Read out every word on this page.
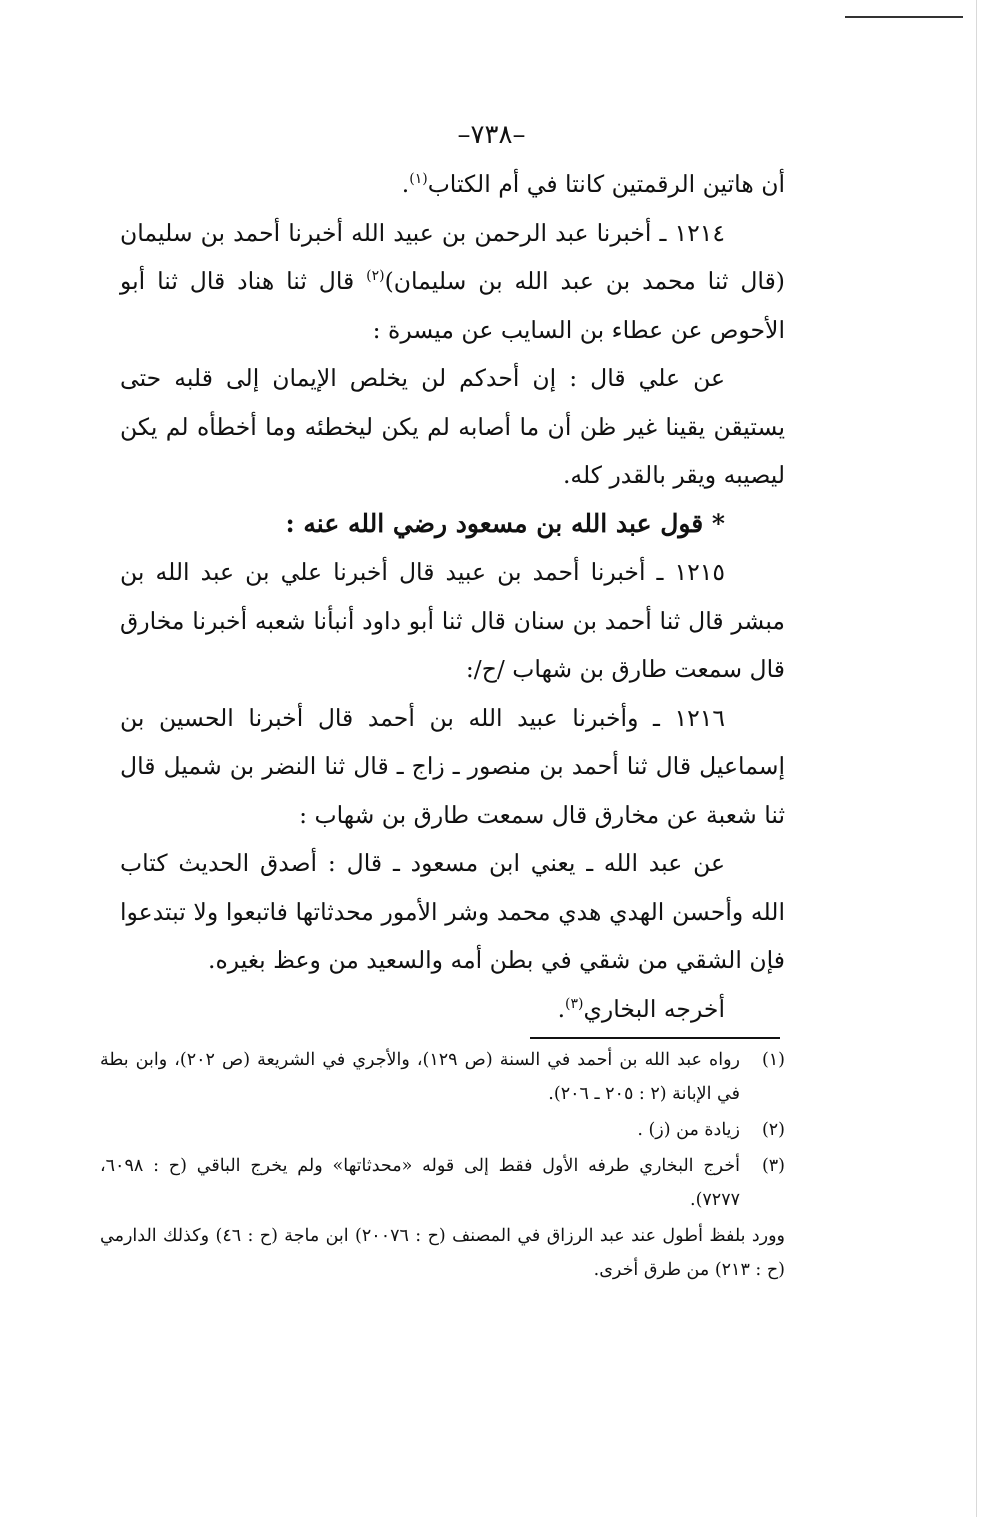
–٧٣٨–

أن هاتين الرقمتين كانتا في أم الكتاب$^{(١)}$.

١٢١٤ ـ أخبرنا عبد الرحمن بن عبيد الله أخبرنا أحمد بن سليمان (قال ثنا محمد بن عبد الله بن سليمان)$^{(٢)}$ قال ثنا هناد قال ثنا أبو الأحوص عن عطاء بن السايب عن ميسرة :

عن علي قال : إن أحدكم لن يخلص الإيمان إلى قلبه حتى يستيقن يقينا غير ظن أن ما أصابه لم يكن ليخطئه وما أخطأه لم يكن ليصيبه ويقر بالقدر كله.

* قول عبد الله بن مسعود رضي الله عنه :

١٢١٥ ـ أخبرنا أحمد بن عبيد قال أخبرنا علي بن عبد الله بن مبشر قال ثنا أحمد بن سنان قال ثنا أبو داود أنبأنا شعبه أخبرنا مخارق قال سمعت طارق بن شهاب /ح/:

١٢١٦ ـ وأخبرنا عبيد الله بن أحمد قال أخبرنا الحسين بن إسماعيل قال ثنا أحمد بن منصور ـ زاج ـ قال ثنا النضر بن شميل قال ثنا شعبة عن مخارق قال سمعت طارق بن شهاب :

عن عبد الله ـ يعني ابن مسعود ـ قال : أصدق الحديث كتاب الله وأحسن الهدي هدي محمد وشر الأمور محدثاتها فاتبعوا ولا تبتدعوا فإن الشقي من شقي في بطن أمه والسعيد من وعظ بغيره.

أخرجه البخاري$^{(٣)}$.

(١)
رواه عبد الله بن أحمد في السنة (ص ١٢٩)، والأجري في الشريعة (ص ٢٠٢)، وابن بطة في الإبانة (٢ : ٢٠٥ ـ ٢٠٦).
(٢)
زيادة من (ز) .
(٣)
أخرج البخاري طرفه الأول فقط إلى قوله «محدثاتها» ولم يخرج الباقي (ح : ٦٠٩٨، ٧٢٧٧).

وورد بلفظ أطول عند عبد الرزاق في المصنف (ح : ٢٠٠٧٦) ابن ماجة (ح : ٤٦) وكذلك الدارمي (ح : ٢١٣) من طرق أخرى.
